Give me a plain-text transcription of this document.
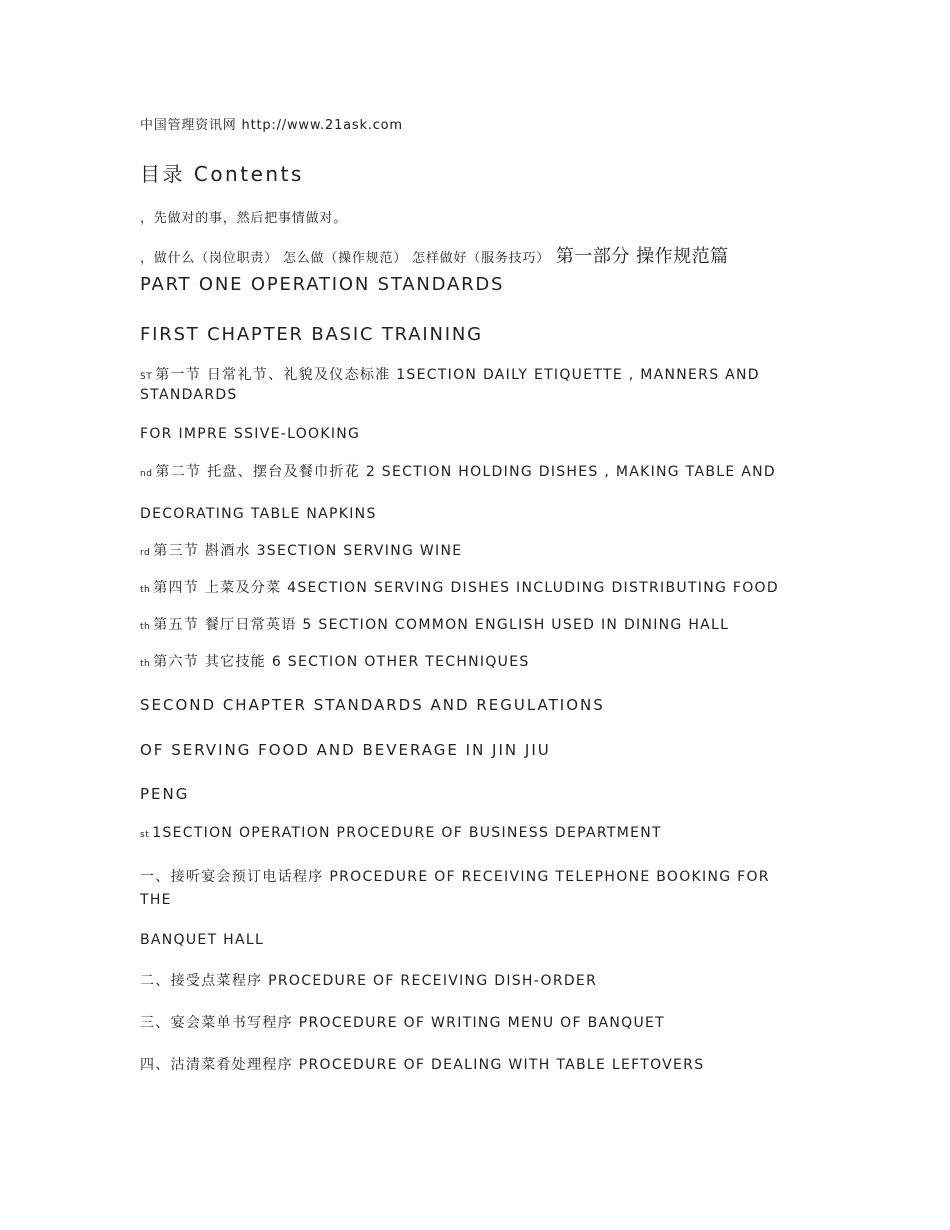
中国管理资讯网 http://www.21ask.com
目录 Contents
，先做对的事，然后把事情做对。
，做什么（岗位职责） 怎么做（操作规范） 怎样做好（服务技巧） 第一部分 操作规范篇
PART ONE OPERATION STANDARDS
FIRST CHAPTER BASIC TRAINING
ST 第一节 日常礼节、礼貌及仪态标准 1SECTION DAILY ETIQUETTE , MANNERS AND STANDARDS
FOR IMPRE SSIVE-LOOKING
nd 第二节 托盘、摆台及餐巾折花 2 SECTION HOLDING DISHES , MAKING TABLE AND
DECORATING TABLE NAPKINS
rd 第三节 斟酒水 3SECTION SERVING WINE
th 第四节 上菜及分菜 4SECTION SERVING DISHES INCLUDING DISTRIBUTING FOOD
th 第五节 餐厅日常英语 5 SECTION COMMON ENGLISH USED IN DINING HALL
th 第六节 其它技能 6 SECTION OTHER TECHNIQUES
SECOND CHAPTER STANDARDS AND REGULATIONS
OF SERVING FOOD AND BEVERAGE IN JIN JIU
PENG
st 1SECTION OPERATION PROCEDURE OF BUSINESS DEPARTMENT
一、接听宴会预订电话程序 PROCEDURE OF RECEIVING TELEPHONE BOOKING FOR THE
BANQUET HALL
二、接受点菜程序 PROCEDURE OF RECEIVING DISH-ORDER
三、宴会菜单书写程序 PROCEDURE OF WRITING MENU OF BANQUET
四、沽清菜肴处理程序 PROCEDURE OF DEALING WITH TABLE LEFTOVERS
